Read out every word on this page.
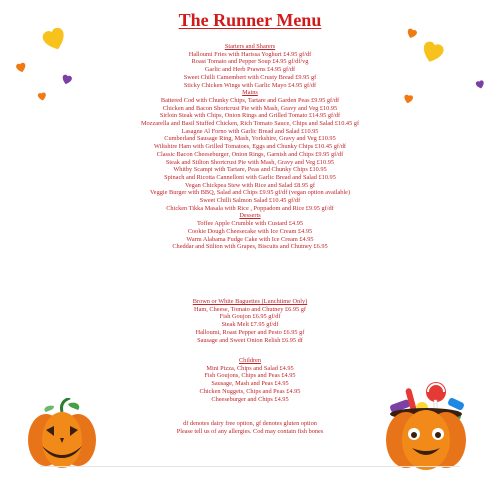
The Runner Menu
Starters and Sharers
Halloumi Fries with Harissa Yoghurt £4.95 gf/df
Roast Tomato and Pepper Soup £4.95 gf/df/vg
Garlic and Herb Prawns £4.95 gf/df
Sweet Chilli Camembert with Crusty Bread £9.95 gf
Sticky Chicken Wings with Garlic Mayo £4.95 gf/df
Mains
Battered Cod with Chunky Chips, Tartare and Garden Peas £9.95 gf/df
Chicken and Bacon Shortcrust Pie with Mash, Gravy and Veg £10.95
Sirloin Steak with Chips, Onion Rings and Grilled Tomato £14.95 gf/df
Mozzarella and Basil Stuffed Chicken, Rich Tomato Sauce, Chips and Salad £10.45 gf
Lasagne Al Forno with Garlic Bread and Salad £10.95
Cumberland Sausage Ring, Mash, Yorkshire, Gravy and Veg £10.95
Wiltshire Ham with Grilled Tomatoes, Eggs and Chunky Chips £10.45 gf/df
Classic Bacon Cheeseburger, Onion Rings, Garnish and Chips £9.95 gf/df
Steak and Stilton Shortcrust Pie with Mash, Gravy and Veg £10.95
Whitby Scampi with Tartare, Peas and Chunky Chips £10.95
Spinach and Ricotta Cannelloni with Garlic Bread and Salad £10.95
Vegan Chickpea Stew with Rice and Salad £8.95 gf
Veggie Burger with BBQ, Salad and Chips £9.95 gf/df (vegan option available)
Sweet Chilli Salmon Salad £10.45 gf/df
Chicken Tikka Masala with Rice , Poppadom and Rice £9.95 gf/df
Desserts
Toffee Apple Crumble with Custard £4.95
Cookie Dough Cheesecake with Ice Cream £4.95
Warm Alabama Fudge Cake with Ice Cream £4.95
Cheddar and Stilton with Grapes, Biscuits and Chutney £6.95
Brown or White Baguettes (Lunchtime Only)
Ham, Cheese, Tomato and Chutney £6.95 gf
Fish Goujon £6.95 gf/df
Steak Melt £7.95 gf/df
Halloumi, Roast Pepper and Pesto £6.95 gf
Sausage and Sweet Onion Relish £6.95 df
Children
Mini Pizza, Chips and Salad £4.95
Fish Goujons, Chips and Peas £4.95
Sausage, Mash and Peas £4.95
Chicken Nuggets, Chips and Peas £4.95
Cheeseburger and Chips £4.95
df denotes dairy free option, gf denotes gluten option
Please tell us of any allergies. Cod may contain fish bones
